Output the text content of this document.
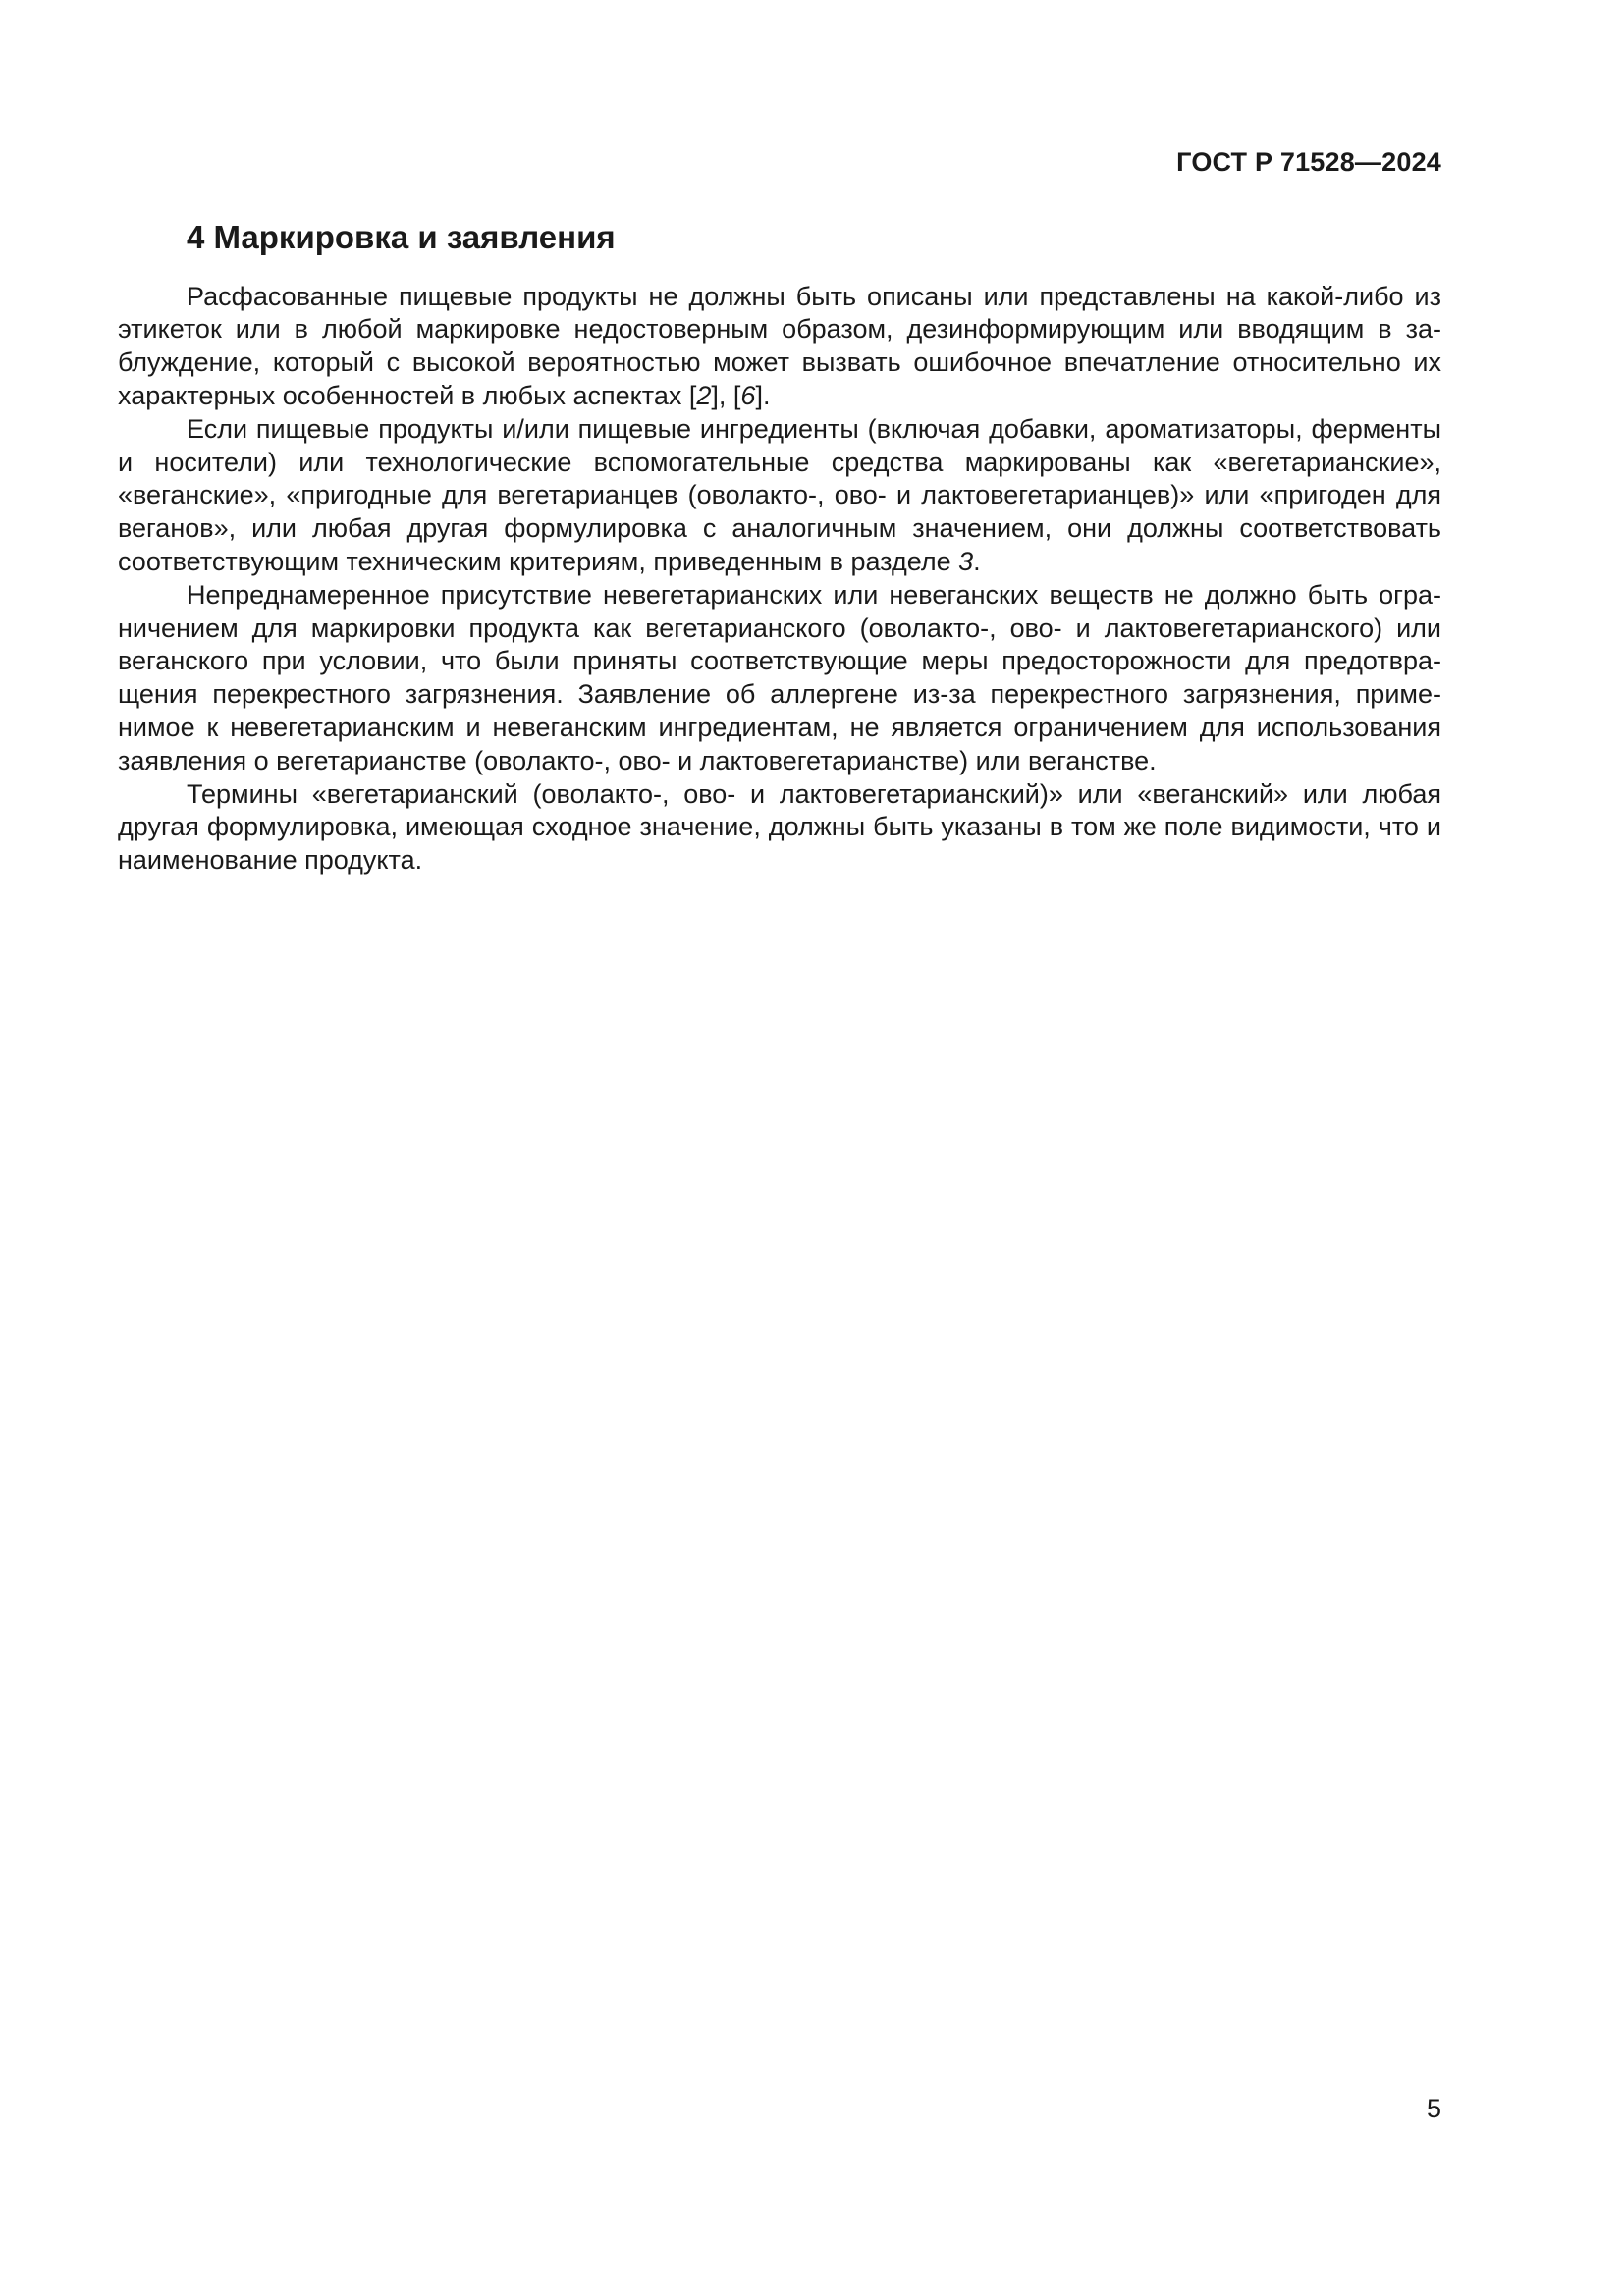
ГОСТ Р 71528—2024
4 Маркировка и заявления

Расфасованные пищевые продукты не должны быть описаны или представлены на какой-либо из этикеток или в любой маркировке недостоверным образом, дезинформирующим или вводящим в заблуждение, который с высокой вероятностью может вызвать ошибочное впечатление относительно их характерных особенностей в любых аспектах [2], [6].

Если пищевые продукты и/или пищевые ингредиенты (включая добавки, ароматизаторы, ферменты и носители) или технологические вспомогательные средства маркированы как «вегетарианские», «веганские», «пригодные для вегетарианцев (оволакто-, ово- и лактовегетарианцев)» или «пригоден для веганов», или любая другая формулировка с аналогичным значением, они должны соответствовать соответствующим техническим критериям, приведенным в разделе 3.

Непреднамеренное присутствие невегетарианских или невеганских веществ не должно быть ограничением для маркировки продукта как вегетарианского (оволакто-, ово- и лактовегетарианского) или веганского при условии, что были приняты соответствующие меры предосторожности для предотвращения перекрестного загрязнения. Заявление об аллергене из-за перекрестного загрязнения, применимое к невегетарианским и невеганским ингредиентам, не является ограничением для использования заявления о вегетарианстве (оволакто-, ово- и лактовегетарианстве) или веганстве.

Термины «вегетарианский (оволакто-, ово- и лактовегетарианский)» или «веганский» или любая другая формулировка, имеющая сходное значение, должны быть указаны в том же поле видимости, что и наименование продукта.

5
